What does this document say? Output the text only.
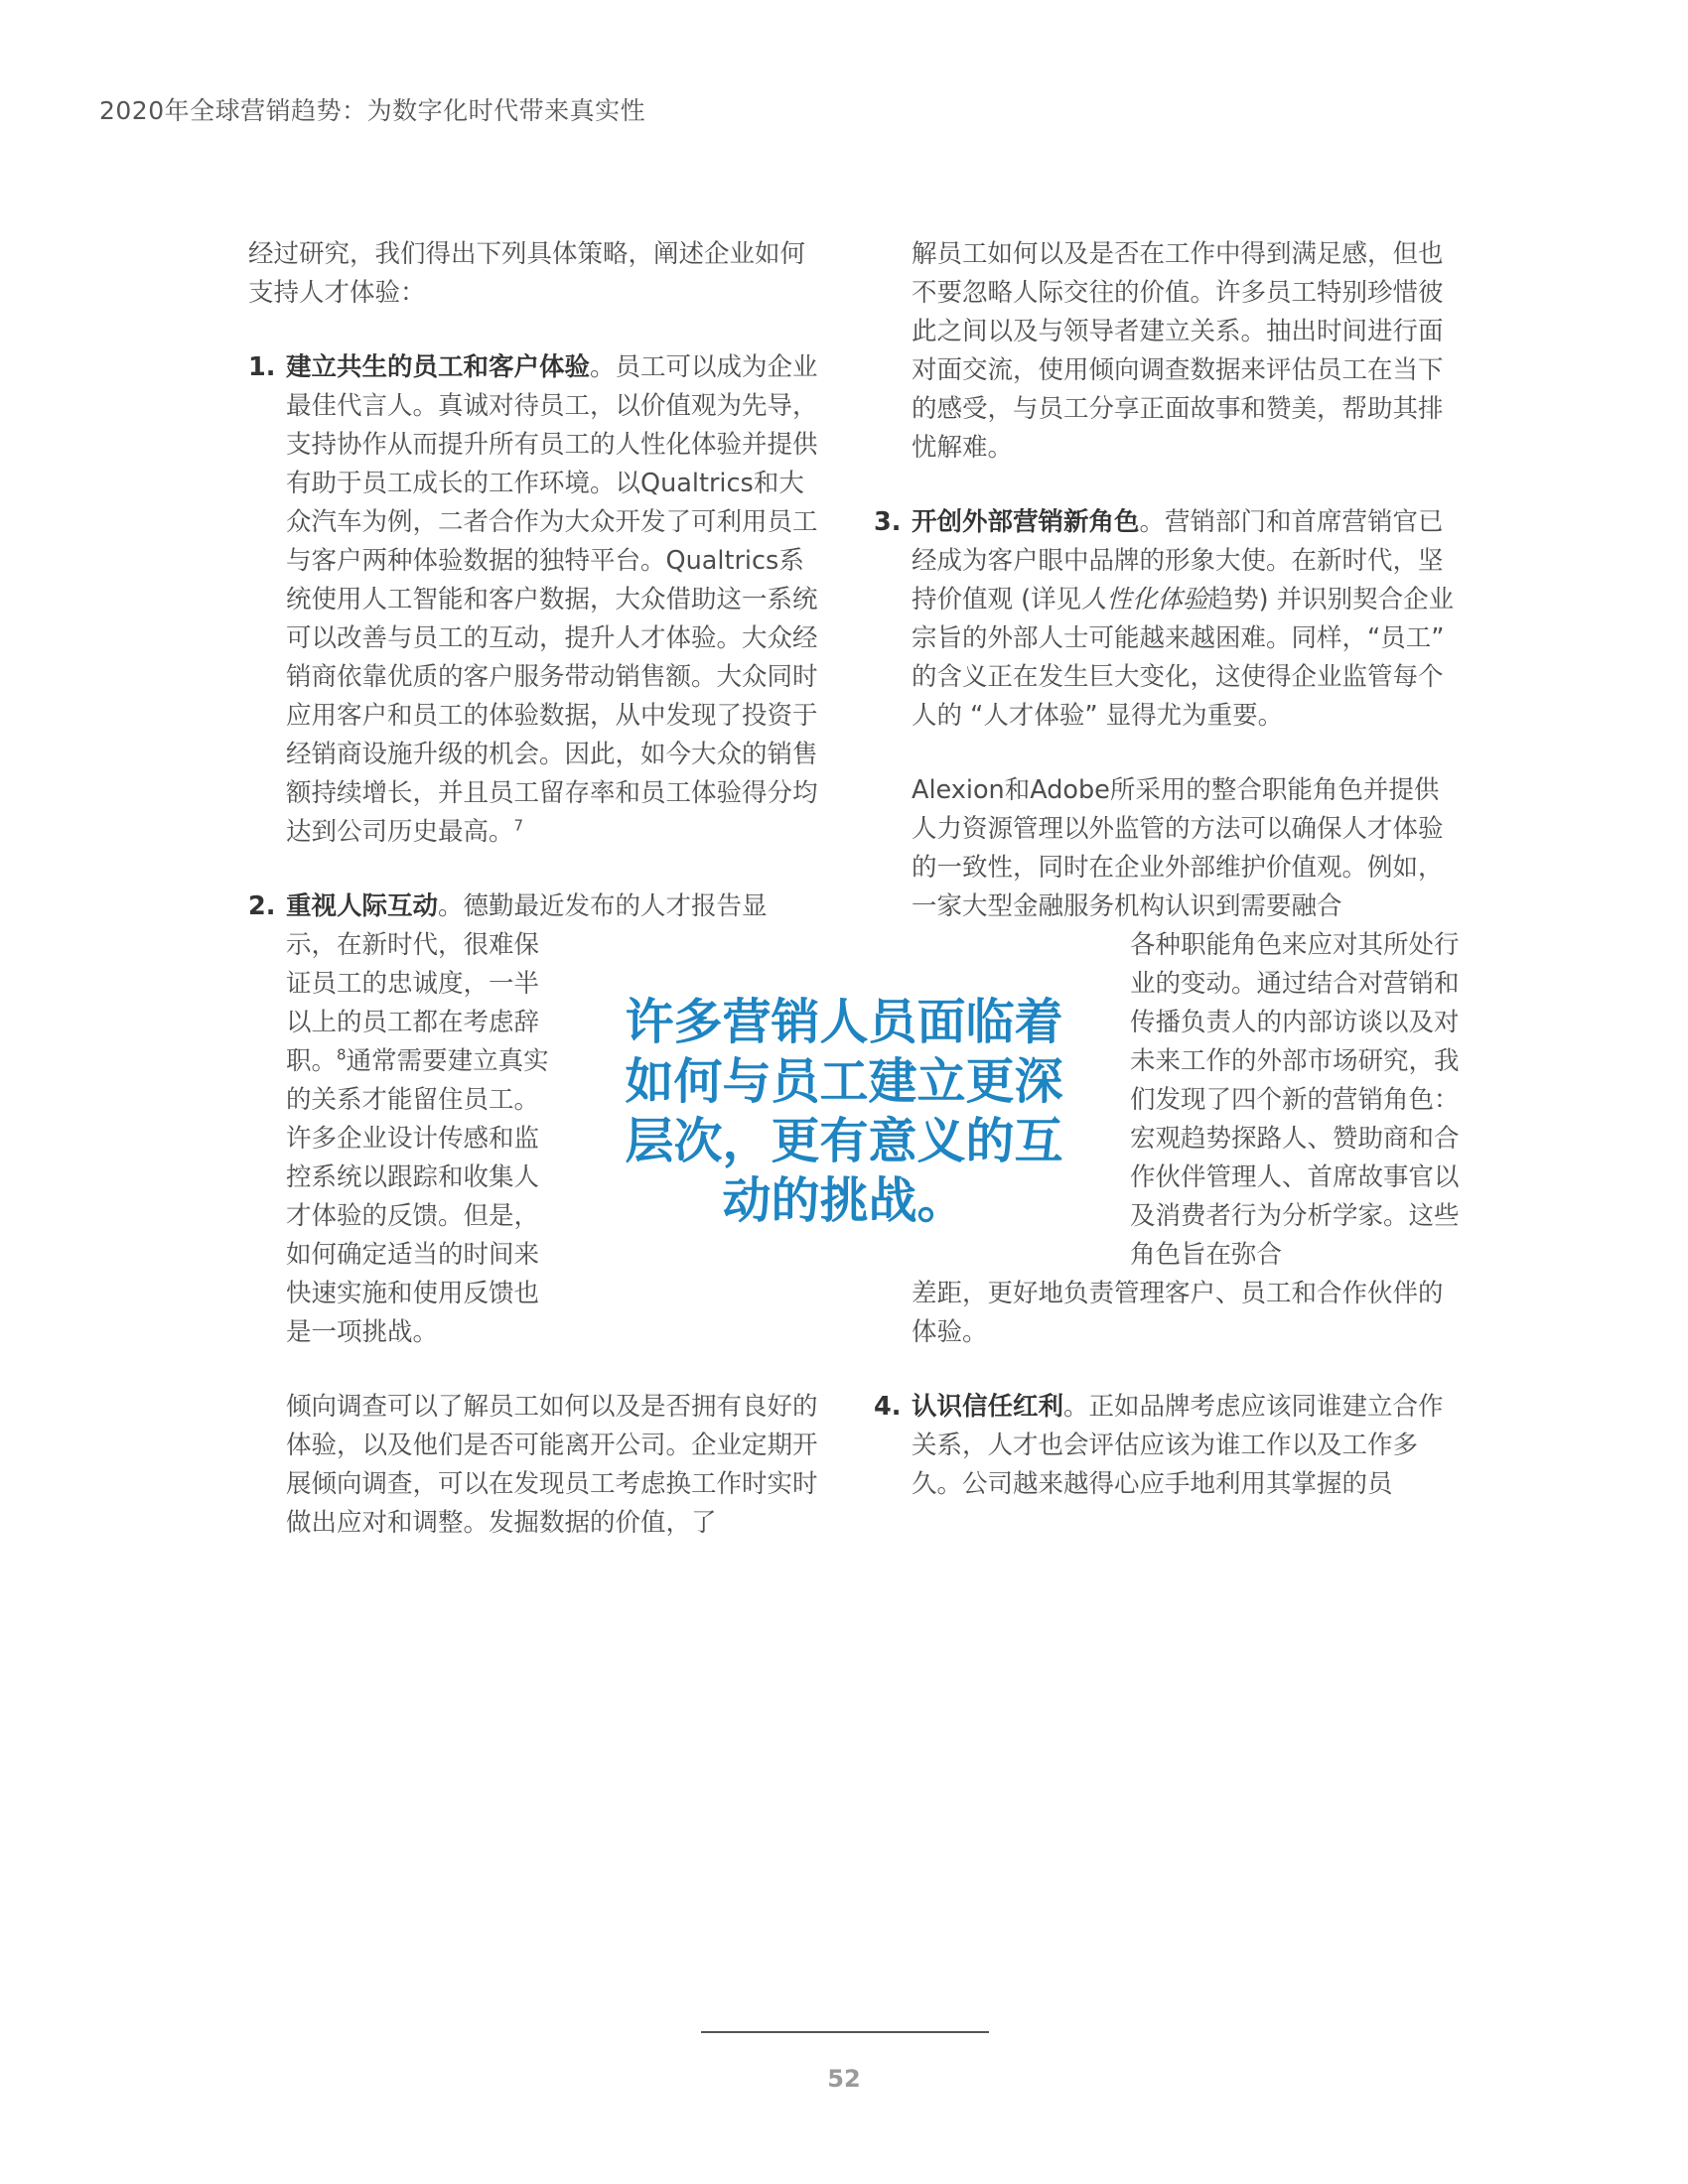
2020年全球营销趋势：为数字化时代带来真实性

经过研究，我们得出下列具体策略，阐述企业如何支持人才体验：

1. 建立共生的员工和客户体验。员工可以成为企业最佳代言人。真诚对待员工，以价值观为先导，支持协作从而提升所有员工的人性化体验并提供有助于员工成长的工作环境。以Qualtrics和大众汽车为例，二者合作为大众开发了可利用员工与客户两种体验数据的独特平台。Qualtrics系统使用人工智能和客户数据，大众借助这一系统可以改善与员工的互动，提升人才体验。大众经销商依靠优质的客户服务带动销售额。大众同时应用客户和员工的体验数据，从中发现了投资于经销商设施升级的机会。因此，如今大众的销售额持续增长，并且员工留存率和员工体验得分均达到公司历史最高。$^7$

2. 重视人际互动。德勤最近发布的人才报告显

示，在新时代，很难保证员工的忠诚度，一半以上的员工都在考虑辞职。$^8$通常需要建立真实的关系才能留住员工。许多企业设计传感和监控系统以跟踪和收集人才体验的反馈。但是，如何确定适当的时间来快速实施和使用反馈也是一项挑战。

倾向调查可以了解员工如何以及是否拥有良好的体验，以及他们是否可能离开公司。企业定期开展倾向调查，可以在发现员工考虑换工作时实时做出应对和调整。发掘数据的价值，了

解员工如何以及是否在工作中得到满足感，但也不要忽略人际交往的价值。许多员工特别珍惜彼此之间以及与领导者建立关系。抽出时间进行面对面交流，使用倾向调查数据来评估员工在当下的感受，与员工分享正面故事和赞美，帮助其排忧解难。

3. 开创外部营销新角色。营销部门和首席营销官已经成为客户眼中品牌的形象大使。在新时代，坚持价值观 (详见人性化体验趋势) 并识别契合企业宗旨的外部人士可能越来越困难。同样，“员工” 的含义正在发生巨大变化，这使得企业监管每个人的 “人才体验” 显得尤为重要。

Alexion和Adobe所采用的整合职能角色并提供人力资源管理以外监管的方法可以确保人才体验的一致性，同时在企业外部维护价值观。例如，一家大型金融服务机构认识到需要融合

各种职能角色来应对其所处行业的变动。通过结合对营销和传播负责人的内部访谈以及对未来工作的外部市场研究，我们发现了四个新的营销角色：宏观趋势探路人、赞助商和合作伙伴管理人、首席故事官以及消费者行为分析学家。这些角色旨在弥合

差距，更好地负责管理客户、员工和合作伙伴的体验。

4. 认识信任红利。正如品牌考虑应该同谁建立合作关系，人才也会评估应该为谁工作以及工作多久。公司越来越得心应手地利用其掌握的员

许多营销人员面临着如何与员工建立更深层次，更有意义的互动的挑战。
52
